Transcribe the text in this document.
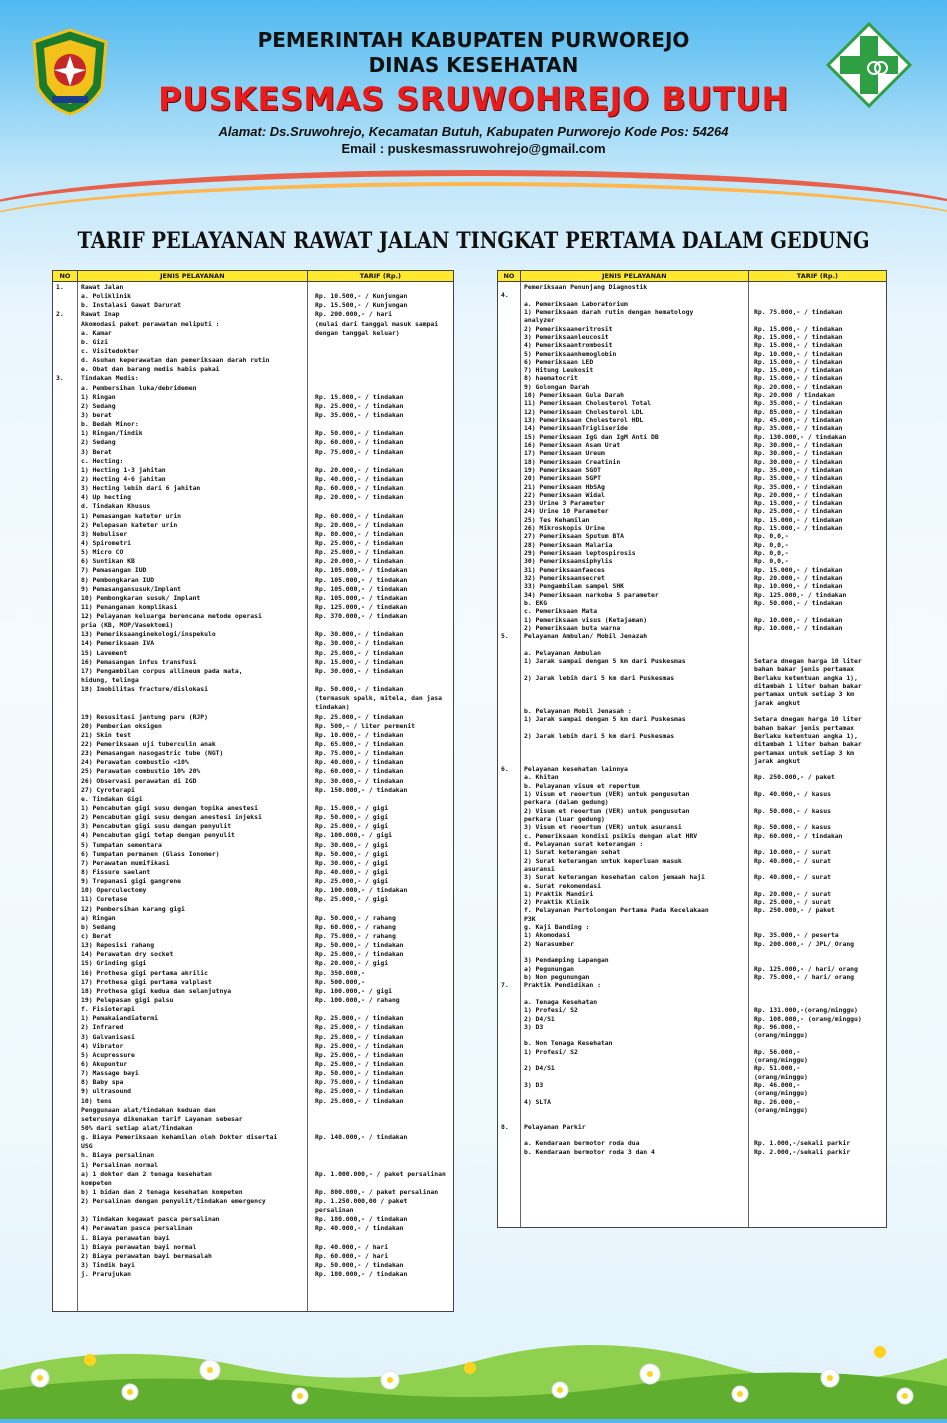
PEMERINTAH KABUPATEN PURWOREJO
DINAS KESEHATAN
PUSKESMAS SRUWOHREJO BUTUH
Alamat: Ds.Sruwohrejo, Kecamatan Butuh, Kabupaten Purworejo Kode Pos: 54264
Email : puskesmassruwohrejo@gmail.com
TARIF PELAYANAN RAWAT JALAN TINGKAT PERTAMA DALAM GEDUNG
NO	JENIS PELAYANAN	TARIF (Rp.)
1.	Rawat Jalan
a. Poliklinik	Rp. 10.500,- / Kunjungan
b. Instalasi Gawat Darurat	Rp. 15.500,- / Kunjungan
2.	Rawat Inap	Rp. 200.000,- / hari
Akomodasi paket perawatan meliputi :	(mulai dari tanggal masuk sampai
a. Kamar	dengan tanggal keluar)
b. Gizi
c. Visitedokter
d. Asuhan keperawatan dan pemeriksaan darah rutin
e. Obat dan barang medis habis pakai
3.	Tindakan Medis:
a. Pembersihan luka/debridemen
1) Ringan	Rp. 15.000,- / tindakan
2) Sedang	Rp. 25.000,- / tindakan
3) berat	Rp. 35.000,- / tindakan
b. Bedah Minor:
1) Ringan/Tindik	Rp. 50.000,- / tindakan
2) Sedang	Rp. 60.000,- / tindakan
3) Berat	Rp. 75.000,- / tindakan
c. Hecting:
1) Hecting 1-3 jahitan	Rp. 20.000,- / tindakan
2) Hecting 4-6 jahitan	Rp. 40.000,- / tindakan
3) Hecting lebih dari 6 jahitan	Rp. 60.000,- / tindakan
4) Up hecting	Rp. 20.000,- / tindakan
d. Tindakan Khusus
1) Pemasangan kateter urin	Rp. 60.000,- / tindakan
2) Pelepasan kateter urin	Rp. 20.000,- / tindakan
3) Nebuliser	Rp. 80.000,- / tindakan
4) Spirometri	Rp. 25.000,- / tindakan
5) Micro CO	Rp. 25.000,- / tindakan
6) Suntikan KB	Rp. 20.000,- / tindakan
7) Pemasangan IUD	Rp. 105.000,- / tindakan
8) Pembongkaran IUD	Rp. 105.000,- / tindakan
9) Pemasangansusuk/Implant	Rp. 105.000,- / tindakan
10) Pembongkaran susuk/ Implant	Rp. 105.000,- / tindakan
11) Penanganan komplikasi	Rp. 125.000,- / tindakan
12) Pelayanan keluarga berencana metode operasi	Rp. 370.000,- / tindakan
pria (KB, MOP/Vasektomi)
13) Pemeriksaanginekologi/inspekulo	Rp. 30.000,- / tindakan
14) Pemeriksaan IVA	Rp. 30.000,- / tindakan
15) Lavement	Rp. 25.000,- / tindakan
16) Pemasangan infus transfusi	Rp. 15.000,- / tindakan
17) Pengambilan corpus allineum pada mata,	Rp. 30.000,- / tindakan
hidung, telinga
18) Imobilitas fracture/dislokasi	Rp. 50.000,- / tindakan
(termasuk spalk, mitela, dan jasa
tindakan)
19) Resusitasi jantung paru (RJP)	Rp. 25.000,- / tindakan
20) Pemberian oksigen	Rp. 500,- / liter permenit
21) Skin test	Rp. 10.000,- / tindakan
22) Pemeriksaan uji tuberculin anak	Rp. 65.000,- / tindakan
23) Pemasangan nasogastric tube (NGT)	Rp. 75.000,- / tindakan
24) Perawatan combustio <10%	Rp. 40.000,- / tindakan
25) Perawatan combustio 10% 20%	Rp. 60.000,- / tindakan
26) Observasi perawatan di IGD	Rp. 30.000,- / tindakan
27) Cyroterapi	Rp. 150.000,- / tindakan
e. Tindakan Gigi
1) Pencabutan gigi susu dengan topika anestesi	Rp. 15.000,- / gigi
2) Pencabutan gigi susu dengan anestesi injeksi	Rp. 50.000,- / gigi
3) Pencabutan gigi susu dengan penyulit	Rp. 25.000,- / gigi
4) Pencabutan gigi tetap dengan penyulit	Rp. 100.000,- / gigi
5) Tumpatan sementara	Rp. 30.000,- / gigi
6) Tumpatan permanen (Glass Ionomer)	Rp. 50.000,- / gigi
7) Perawatan mumifikasi	Rp. 30.000,- / gigi
8) Fissure saelant	Rp. 40.000,- / gigi
9) Trepanasi gigi gangrene	Rp. 25.000,- / gigi
10) Operculectomy	Rp. 100.000,- / tindakan
11) Curetase	Rp. 25.000,- / gigi
12) Pembersihan karang gigi
a) Ringan	Rp. 50.000,- / rahang
b) Sedang	Rp. 60.000,- / rahang
c) Berat	Rp. 75.000,- / rahang
13) Reposisi rahang	Rp. 50.000,- / tindakan
14) Perawatan dry socket	Rp. 25.000,- / tindakan
15) Grinding gigi	Rp. 20.000,- / gigi
16) Prothesa gigi pertama akrilic	Rp. 350.000,-
17) Prothesa gigi pertama valplast	Rp. 500.000,-
18) Prothesa gigi kedua dan selanjutnya	Rp. 100.000,- / gigi
19) Pelepasan gigi palsu	Rp. 100.000,- / rahang
f. Fisioterapi
1) Pemakaiandiatermi	Rp. 25.000,- / tindakan
2) Infrared	Rp. 25.000,- / tindakan
3) Galvanisasi	Rp. 25.000,- / tindakan
4) Vibrator	Rp. 25.000,- / tindakan
5) Acupressure	Rp. 25.000,- / tindakan
6) Akupuntur	Rp. 25.000,- / tindakan
7) Massage bayi	Rp. 50.000,- / tindakan
8) Baby spa	Rp. 75.000,- / tindakan
9) ultrasound	Rp. 25.000,- / tindakan
10) tens	Rp. 25.000,- / tindakan
Penggunaan alat/tindakan keduan dan
seterusnya dikenakan tarif Layanan sebesar
50% dari setiap alat/Tindakan
g. Biaya Pemeriksaan kehamilan oleh Dokter disertai	Rp. 140.000,- / tindakan
USG
h. Biaya persalinan
1) Persalinan normal
a) 1 dokter dan 2 tenaga kesehatan	Rp. 1.000.000,- / paket persalinan
kompeten
b) 1 bidan dan 2 tenaga kesehatan kompeten	Rp. 800.000,- / paket persalinan
2) Persalinan dengan penyulit/tindakan emergency	Rp. 1.250.000,00 / paket
persalinan
3) Tindakan kegawat pasca persalinan	Rp. 180.000,- / tindakan
4) Perawatan pasca persalinan	Rp. 40.000,- / tindakan
i. Biaya perawatan bayi
1) Biaya perawatan bayi normal	Rp. 40.000,- / hari
2) Biaya perawatan bayi bermasalah	Rp. 60.000,- / hari
3) Tindik bayi	Rp. 50.000,- / tindakan
j. Prarujukan	Rp. 180.000,- / tindakan
NO	JENIS PELAYANAN	TARIF (Rp.)
Pemeriksaan Penunjang Diagnostik
4.
a. Pemeriksaan Laboratorium
1) Pemeriksaan darah rutin dengan hematology	Rp. 75.000,- / tindakan
analyzer
2) Pemeriksaaneritrosit	Rp. 15.000,- / tindakan
3) Pemeriksaanleucosit	Rp. 15.000,- / tindakan
4) Pemeriksaantrombosit	Rp. 15.000,- / tindakan
5) Pemeriksaanhemoglobin	Rp. 10.000,- / tindakan
6) Pemeriksaan LED	Rp. 15.000,- / tindakan
7) Hitung Leukosit	Rp. 15.000,- / tindakan
8) haematocrit	Rp. 15.000,- / tindakan
9) Golongan Darah	Rp. 20.000,- / tindakan
10) Pemeriksaan Gula Darah	Rp. 20.000 / tindakan
11) Pemeriksaan Cholesterol Total	Rp. 35.000,- / tindakan
12) Pemeriksaan Cholesterol LDL	Rp. 85.000,- / tindakan
13) Pemeriksaan Cholesterol HDL	Rp. 45.000,- / tindakan
14) PemeriksaanTrigliseride	Rp. 35.000,- / tindakan
15) Pemeriksaan IgG dan IgM Anti DB	Rp. 130.000,- / tindakan
16) Pemeriksaan Asam Urat	Rp. 30.000,- / tindakan
17) Pemeriksaan Ureum	Rp. 30.000,- / tindakan
18) Pemeriksaan Creatinin	Rp. 30.000,- / tindakan
19) Pemeriksaan SGOT	Rp. 35.000,- / tindakan
20) Pemeriksaan SGPT	Rp. 35.000,- / tindakan
21) Pemeriksaan HbSAg	Rp. 35.000,- / tindakan
22) Pemeriksaan Widal	Rp. 20.000,- / tindakan
23) Urine 3 Parameter	Rp. 15.000,- / tindakan
24) Urine 10 Parameter	Rp. 25.000,- / tindakan
25) Tes Kehamilan	Rp. 15.000,- / tindakan
26) Mikroskopis Urine	Rp. 15.000,- / tindakan
27) Pemeriksaan Sputum BTA	Rp. 0,0,-
28) Pemeriksaan Malaria	Rp. 0,0,-
29) Pemeriksaan leptospirosis	Rp. 0,0,-
30) Pemeriksaansiphylis	Rp. 0,0,-
31) Pemeriksaanfaeces	Rp. 15.000,- / tindakan
32) Pemeriksaansecret	Rp. 20.000,- / tindakan
33) Pengambilam sampel SHK	Rp. 10.000,- / tindakan
34) Pemeriksaan narkoba 5 parameter	Rp. 125.000,- / tindakan
b. EKG	Rp. 50.000,- / tindakan
c. Pemeriksaan Mata
1) Pemeriksaan visus (Ketajaman)	Rp. 10.000,- / tindakan
2) Pemeriksaan buta warna	Rp. 10.000,- / tindakan
5. Pelayanan Ambulan/ Mobil Jenazah
a. Pelayanan Ambulan
1) Jarak sampai dengan 5 km dari Puskesmas	Setara dnegan harga 10 liter
bahan bakar jenis pertamax
2) Jarak lebih dari 5 km dari Puskesmas	Berlaku ketentuan angka 1),
ditambah 1 liter bahan bakar
pertamax untuk setiap 3 km
jarak angkut
b. Pelayanan Mobil Jenasah :
1) Jarak sampai dengan 5 km dari Puskesmas	Setara dnegan harga 10 liter
bahan bakar jenis pertamax
2) Jarak lebih dari 5 km dari Puskesmas	Berlaku ketentuan angka 1),
ditambah 1 liter bahan bakar
pertamax untuk setiap 3 km
jarak angkut
6. Pelayanan kesehatan lainnya
a. Khitan	Rp. 250.000,- / paket
b. Pelayanan visum et repertum
1) Visum et reoertum (VER) untuk pengusutan	Rp. 40.000,- / kasus
perkara (dalam gedung)
2) Visum et reoertum (VER) untuk pengusutan	Rp. 50.000,- / kasus
perkara (luar gedung)
3) Visum et reoertum (VER) untuk asuransi	Rp. 50.000,- / kasus
c. Pemeriksaan kondisi psikis dengan alat HRV	Rp. 60.000,- / tindakan
d. Pelayanan surat keterangan :
1) Surat keterangan sehat	Rp. 10.000,- / surat
2) Surat keterangan untuk keperluan masuk	Rp. 40.000,- / surat
asuransi
3) Surat keterangan kesehatan calon jemaah haji	Rp. 40.000,- / surat
e. Surat rekomendasi
1) Praktik Mandiri	Rp. 20.000,- / surat
2) Praktik Klinik	Rp. 25.000,- / surat
f. Pelayanan Pertolongan Pertama Pada Kecelakaan	Rp. 250.000,- / paket
P3K
g. Kaji Banding :
1) Akomodasi	Rp. 35.000,- / peserta
2) Narasumber	Rp. 200.000,- / JPL/ Orang
3) Pendamping Lapangan
a) Pegunungan	Rp. 125.000,- / hari/ orang
b) Non pegunungan	Rp. 75.000,- / hari/ orang
7. Praktik Pendidikan :
a. Tenaga Kesehatan
1) Profesi/ S2	Rp. 131.000,-(orang/minggu)
2) D4/S1	Rp. 108.000,- (orang/minggu)
3) D3	Rp. 96.000,-
(orang/minggu)
b. Non Tenaga Kesehatan
1) Profesi/ S2	Rp. 56.000,-
(orang/minggu)
2) D4/S1	Rp. 51.000,-
(orang/minggu)
3) D3	Rp. 46.000,-
(orang/minggu)
4) SLTA	Rp. 26.000,-
(orang/minggu)
8. Pelayanan Parkir
a. Kendaraan bermotor roda dua	Rp. 1.000,-/sekali parkir
b. Kendaraan bermotor roda 3 dan 4	Rp. 2.000,-/sekali parkir
